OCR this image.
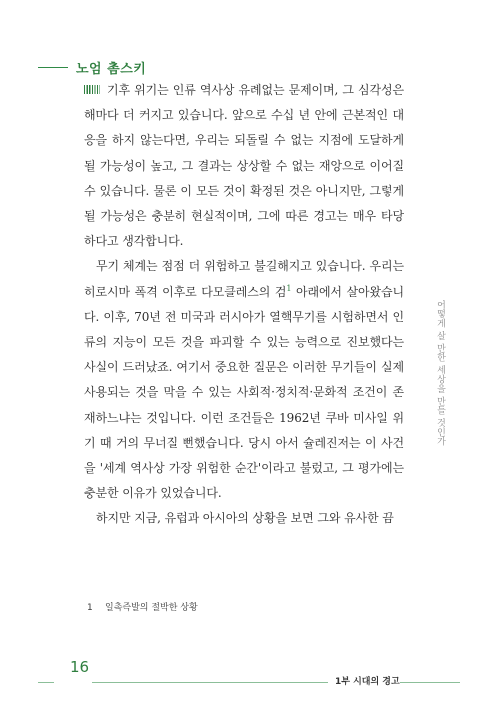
노엄 촘스키

기후 위기는 인류 역사상 유례없는 문제이며, 그 심각성은 해마다 더 커지고 있습니다. 앞으로 수십 년 안에 근본적인 대응을 하지 않는다면, 우리는 되돌릴 수 없는 지점에 도달하게 될 가능성이 높고, 그 결과는 상상할 수 없는 재앙으로 이어질 수 있습니다. 물론 이 모든 것이 확정된 것은 아니지만, 그렇게 될 가능성은 충분히 현실적이며, 그에 따른 경고는 매우 타당하다고 생각합니다.

무기 체계는 점점 더 위험하고 불길해지고 있습니다. 우리는 히로시마 폭격 이후로 다모클레스의 검$^1$ 아래에서 살아왔습니다. 이후, 70년 전 미국과 러시아가 열핵무기를 시험하면서 인류의 지능이 모든 것을 파괴할 수 있는 능력으로 진보했다는 사실이 드러났죠. 여기서 중요한 질문은 이러한 무기들이 실제 사용되는 것을 막을 수 있는 사회적·정치적·문화적 조건이 존재하느냐는 것입니다. 이런 조건들은 1962년 쿠바 미사일 위기 때 거의 무너질 뻔했습니다. 당시 아서 슐레진저는 이 사건을 '세계 역사상 가장 위험한 순간'이라고 불렀고, 그 평가에는 충분한 이유가 있었습니다.

하지만 지금, 유럽과 아시아의 상황을 보면 그와 유사한 끔

어떻게 살 만한 세상을 만들 것인가
1 일촉즉발의 절박한 상황
16
1부 시대의 경고
